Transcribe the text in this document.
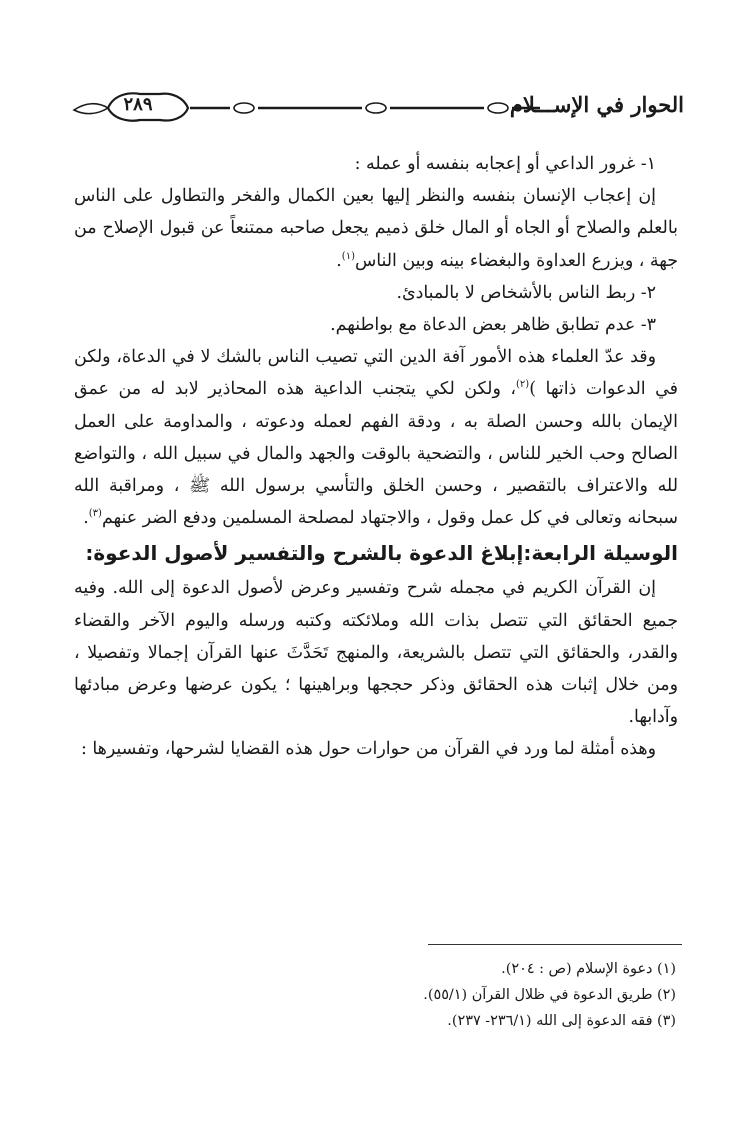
الحوار في الإســـلام
٢٨٩

١- غرور الداعي أو إعجابه بنفسه أو عمله :

إن إعجاب الإنسان بنفسه والنظر إليها بعين الكمال والفخر والتطاول على الناس بالعلم والصلاح أو الجاه أو المال خلق ذميم يجعل صاحبه ممتنعاً عن قبول الإصلاح من جهة ، ويزرع العداوة والبغضاء بينه وبين الناس$^{(١)}$.

٢- ربط الناس بالأشخاص لا بالمبادئ.

٣- عدم تطابق ظاهر بعض الدعاة مع بواطنهم.

وقد عدّ العلماء هذه الأمور آفة الدين التي تصيب الناس بالشك لا في الدعاة، ولكن في الدعوات ذاتها )$^{(٢)}$، ولكن لكي يتجنب الداعية هذه المحاذير لابد له من عمق الإيمان بالله وحسن الصلة به ، ودقة الفهم لعمله ودعوته ، والمداومة على العمل الصالح وحب الخير للناس ، والتضحية بالوقت والجهد والمال في سبيل الله ، والتواضع لله والاعتراف بالتقصير ، وحسن الخلق والتأسي برسول الله ﷺ ، ومراقبة الله سبحانه وتعالى في كل عمل وقول ، والاجتهاد لمصلحة المسلمين ودفع الضر عنهم$^{(٣)}$.

الوسيلة الرابعة:إبلاغ الدعوة بالشرح والتفسير لأصول الدعوة:

إن القرآن الكريم في مجمله شرح وتفسير وعرض لأصول الدعوة إلى الله. وفيه جميع الحقائق التي تتصل بذات الله وملائكته وكتبه ورسله واليوم الآخر والقضاء والقدر، والحقائق التي تتصل بالشريعة، والمنهج تَحَدَّثَ عنها القرآن إجمالا وتفصيلا ، ومن خلال إثبات هذه الحقائق وذكر حججها وبراهينها ؛ يكون عرضها وعرض مبادئها وآدابها.

وهذه أمثلة لما ورد في القرآن من حوارات حول هذه القضايا لشرحها، وتفسيرها :

(١) دعوة الإسلام (ص : ٢٠٤).
(٢) طريق الدعوة في ظلال القرآن (٥٥/١).
(٣) فقه الدعوة إلى الله (٢٣٦/١- ٢٣٧).
